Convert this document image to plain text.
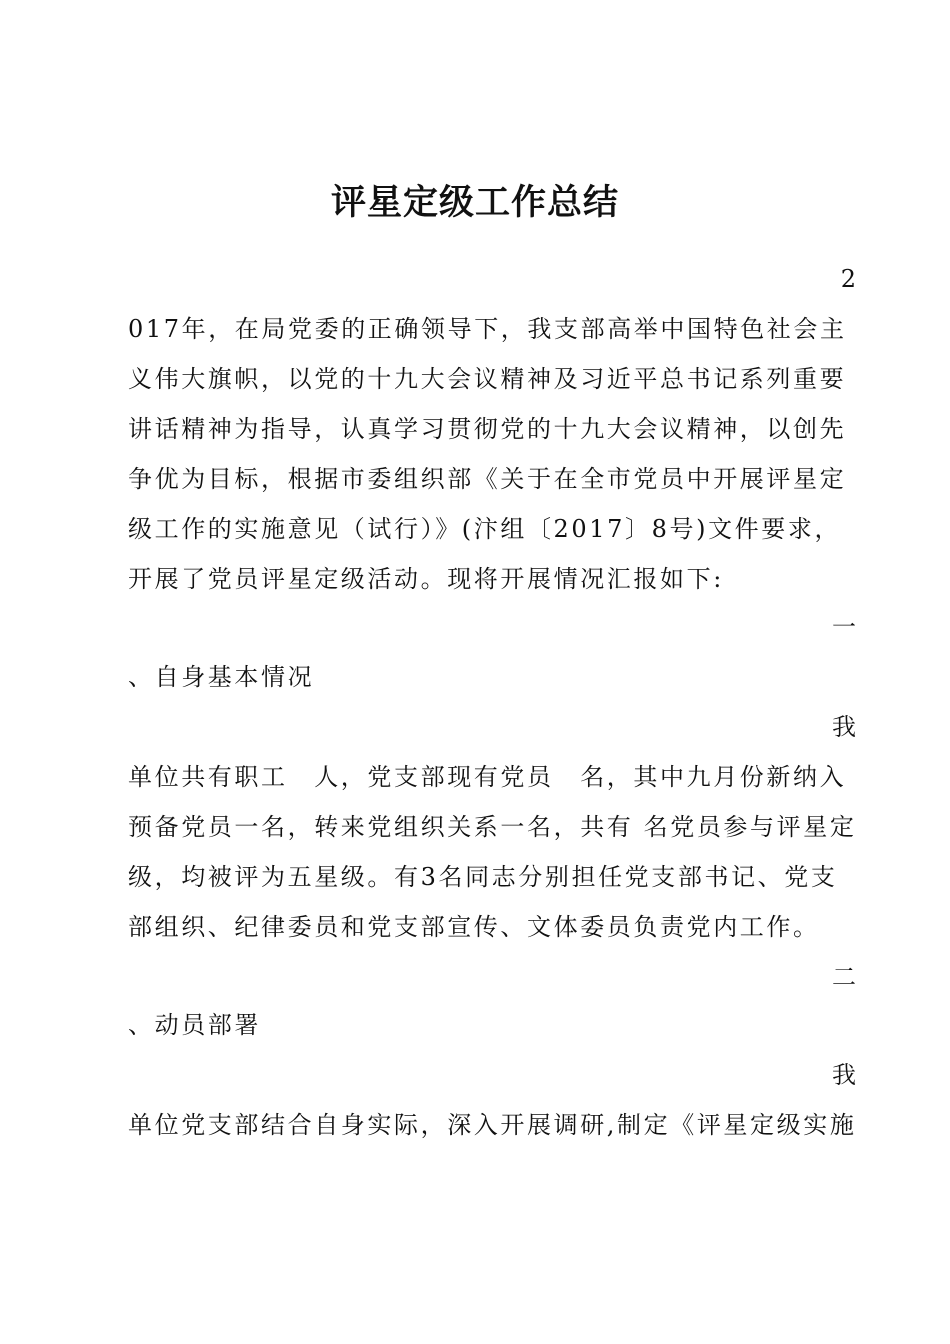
评星定级工作总结
2
017年，在局党委的正确领导下，我支部高举中国特色社会主
义伟大旗帜，以党的十九大会议精神及习近平总书记系列重要
讲话精神为指导，认真学习贯彻党的十九大会议精神，以创先
争优为目标，根据市委组织部《关于在全市党员中开展评星定
级工作的实施意见（试行）》(汴组〔2017〕8号)文件要求，
开展了党员评星定级活动。现将开展情况汇报如下:
一
、自身基本情况
我
单位共有职工　人，党支部现有党员　名，其中九月份新纳入
预备党员一名，转来党组织关系一名，共有 名党员参与评星定
级，均被评为五星级。有3名同志分别担任党支部书记、党支
部组织、纪律委员和党支部宣传、文体委员负责党内工作。
二
、动员部署
我
单位党支部结合自身实际，深入开展调研,制定《评星定级实施
